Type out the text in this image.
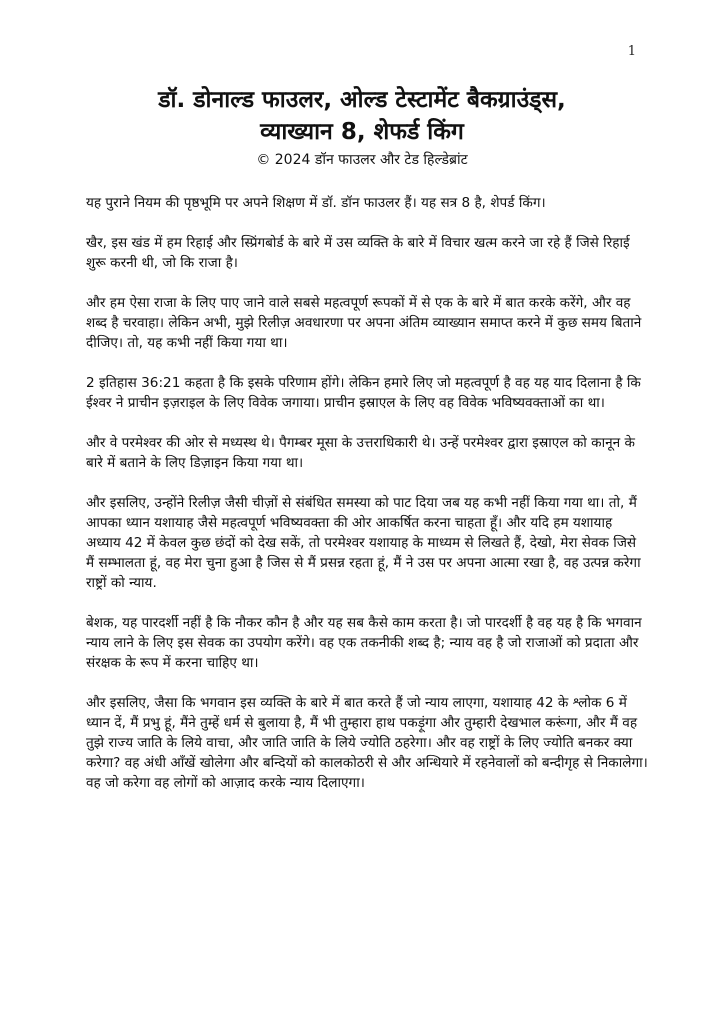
1
डॉ. डोनाल्ड फाउलर, ओल्ड टेस्टामेंट बैकग्राउंड्स,
व्याख्यान 8, शेफर्ड किंग
© 2024 डॉन फाउलर और टेड हिल्डेब्रांट

यह पुराने नियम की पृष्ठभूमि पर अपने शिक्षण में डॉ. डॉन फाउलर हैं। यह सत्र 8 है, शेपर्ड किंग।

खैर, इस खंड में हम रिहाई और स्प्रिंगबोर्ड के बारे में उस व्यक्ति के बारे में विचार खत्म करने जा रहे हैं जिसे रिहाई शुरू करनी थी, जो कि राजा है।

और हम ऐसा राजा के लिए पाए जाने वाले सबसे महत्वपूर्ण रूपकों में से एक के बारे में बात करके करेंगे, और वह शब्द है चरवाहा। लेकिन अभी, मुझे रिलीज़ अवधारणा पर अपना अंतिम व्याख्यान समाप्त करने में कुछ समय बिताने दीजिए। तो, यह कभी नहीं किया गया था।

2 इतिहास 36:21 कहता है कि इसके परिणाम होंगे। लेकिन हमारे लिए जो महत्वपूर्ण है वह यह याद दिलाना है कि ईश्वर ने प्राचीन इज़राइल के लिए विवेक जगाया। प्राचीन इस्राएल के लिए वह विवेक भविष्यवक्ताओं का था।

और वे परमेश्वर की ओर से मध्यस्थ थे। पैगम्बर मूसा के उत्तराधिकारी थे। उन्हें परमेश्वर द्वारा इस्राएल को कानून के बारे में बताने के लिए डिज़ाइन किया गया था।

और इसलिए, उन्होंने रिलीज़ जैसी चीज़ों से संबंधित समस्या को पाट दिया जब यह कभी नहीं किया गया था। तो, मैं आपका ध्यान यशायाह जैसे महत्वपूर्ण भविष्यवक्ता की ओर आकर्षित करना चाहता हूँ। और यदि हम यशायाह अध्याय 42 में केवल कुछ छंदों को देख सकें, तो परमेश्वर यशायाह के माध्यम से लिखते हैं, देखो, मेरा सेवक जिसे मैं सम्भालता हूं, वह मेरा चुना हुआ है जिस से मैं प्रसन्न रहता हूं, मैं ने उस पर अपना आत्मा रखा है, वह उत्पन्न करेगा राष्ट्रों को न्याय.

बेशक, यह पारदर्शी नहीं है कि नौकर कौन है और यह सब कैसे काम करता है। जो पारदर्शी है वह यह है कि भगवान न्याय लाने के लिए इस सेवक का उपयोग करेंगे। वह एक तकनीकी शब्द है; न्याय वह है जो राजाओं को प्रदाता और संरक्षक के रूप में करना चाहिए था।

और इसलिए, जैसा कि भगवान इस व्यक्ति के बारे में बात करते हैं जो न्याय लाएगा, यशायाह 42 के श्लोक 6 में ध्यान दें, मैं प्रभु हूं, मैंने तुम्हें धर्म से बुलाया है, मैं भी तुम्हारा हाथ पकड़ूंगा और तुम्हारी देखभाल करूंगा, और मैं वह तुझे राज्य जाति के लिये वाचा, और जाति जाति के लिये ज्योति ठहरेगा। और वह राष्ट्रों के लिए ज्योति बनकर क्या करेगा? वह अंधी आँखें खोलेगा और बन्दियों को कालकोठरी से और अन्धियारे में रहनेवालों को बन्दीगृह से निकालेगा। वह जो करेगा वह लोगों को आज़ाद करके न्याय दिलाएगा।
